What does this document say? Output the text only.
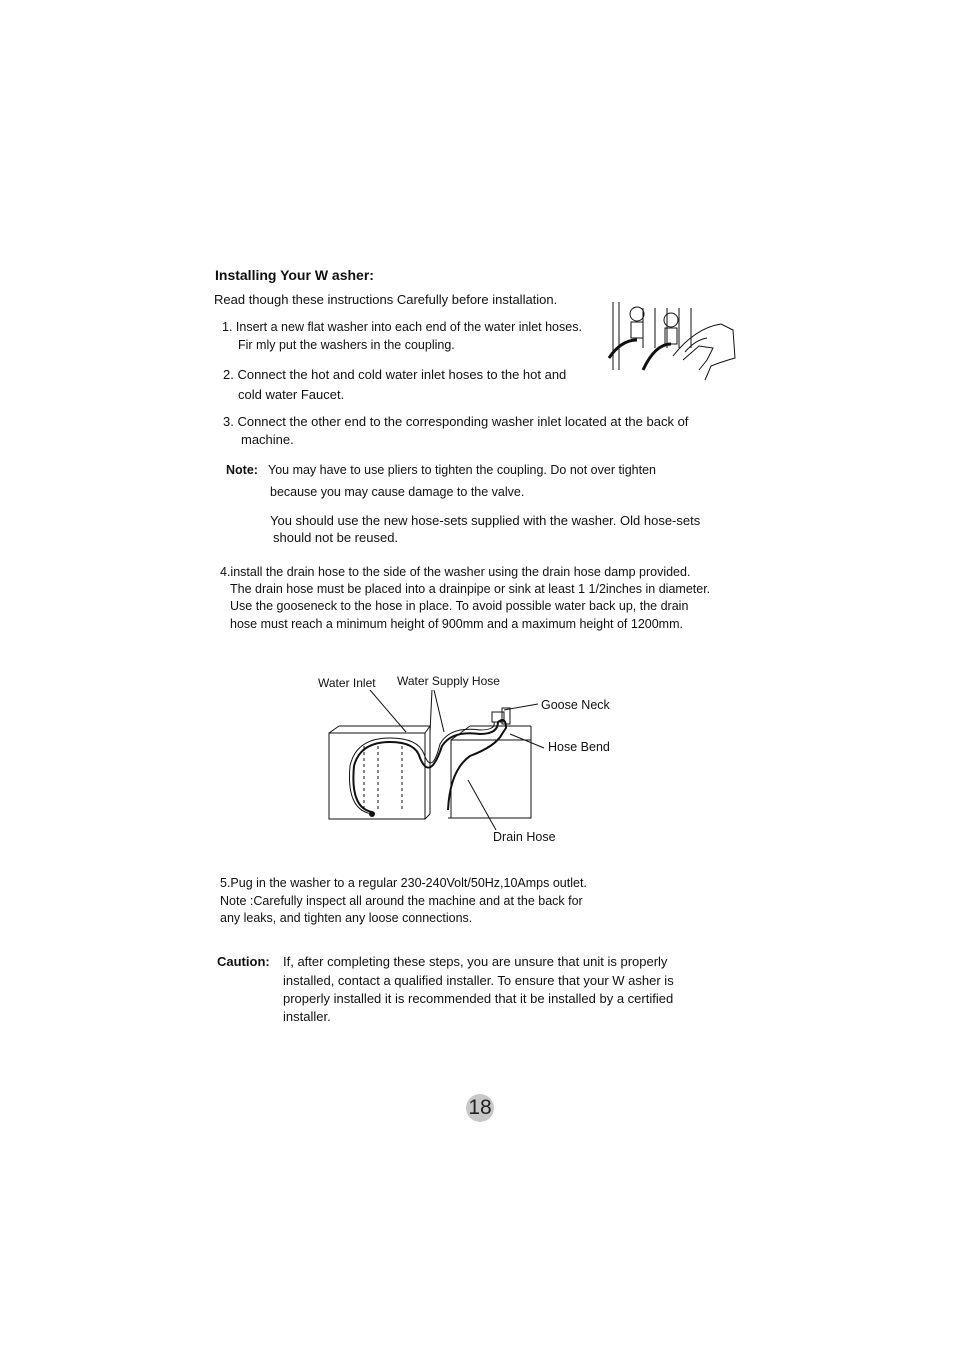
Installing Your W asher:
Read though these instructions Carefully before installation.
1. Insert a new flat washer into each end of the water inlet hoses.
Fir mly put the washers in the coupling.
2. Connect the hot and cold water inlet hoses to the hot and
cold water Faucet.
3. Connect the other end to the corresponding washer inlet located at the back of
machine.
Note: You may have to use pliers to tighten the coupling. Do not over tighten
because you may cause damage to the valve.
You should use the new hose-sets supplied with the washer. Old hose-sets
should not be reused.
4.install the drain hose to the side of the washer using the drain hose damp provided.
The drain hose must be placed into a drainpipe or sink at least 1 1/2inches in diameter.
Use the gooseneck to the hose in place. To avoid possible water back up, the drain
hose must reach a minimum height of 900mm and a maximum height of 1200mm.
Water Inlet Water Supply Hose
Goose Neck
Hose Bend
Drain Hose
5.Pug in the washer to a regular 230-240Volt/50Hz,10Amps outlet.
Note :Carefully inspect all around the machine and at the back for
any leaks, and tighten any loose connections.
Caution: If, after completing these steps, you are unsure that unit is properly
installed, contact a qualified installer. To ensure that your W asher is
properly installed it is recommended that it be installed by a certified
installer.
18
